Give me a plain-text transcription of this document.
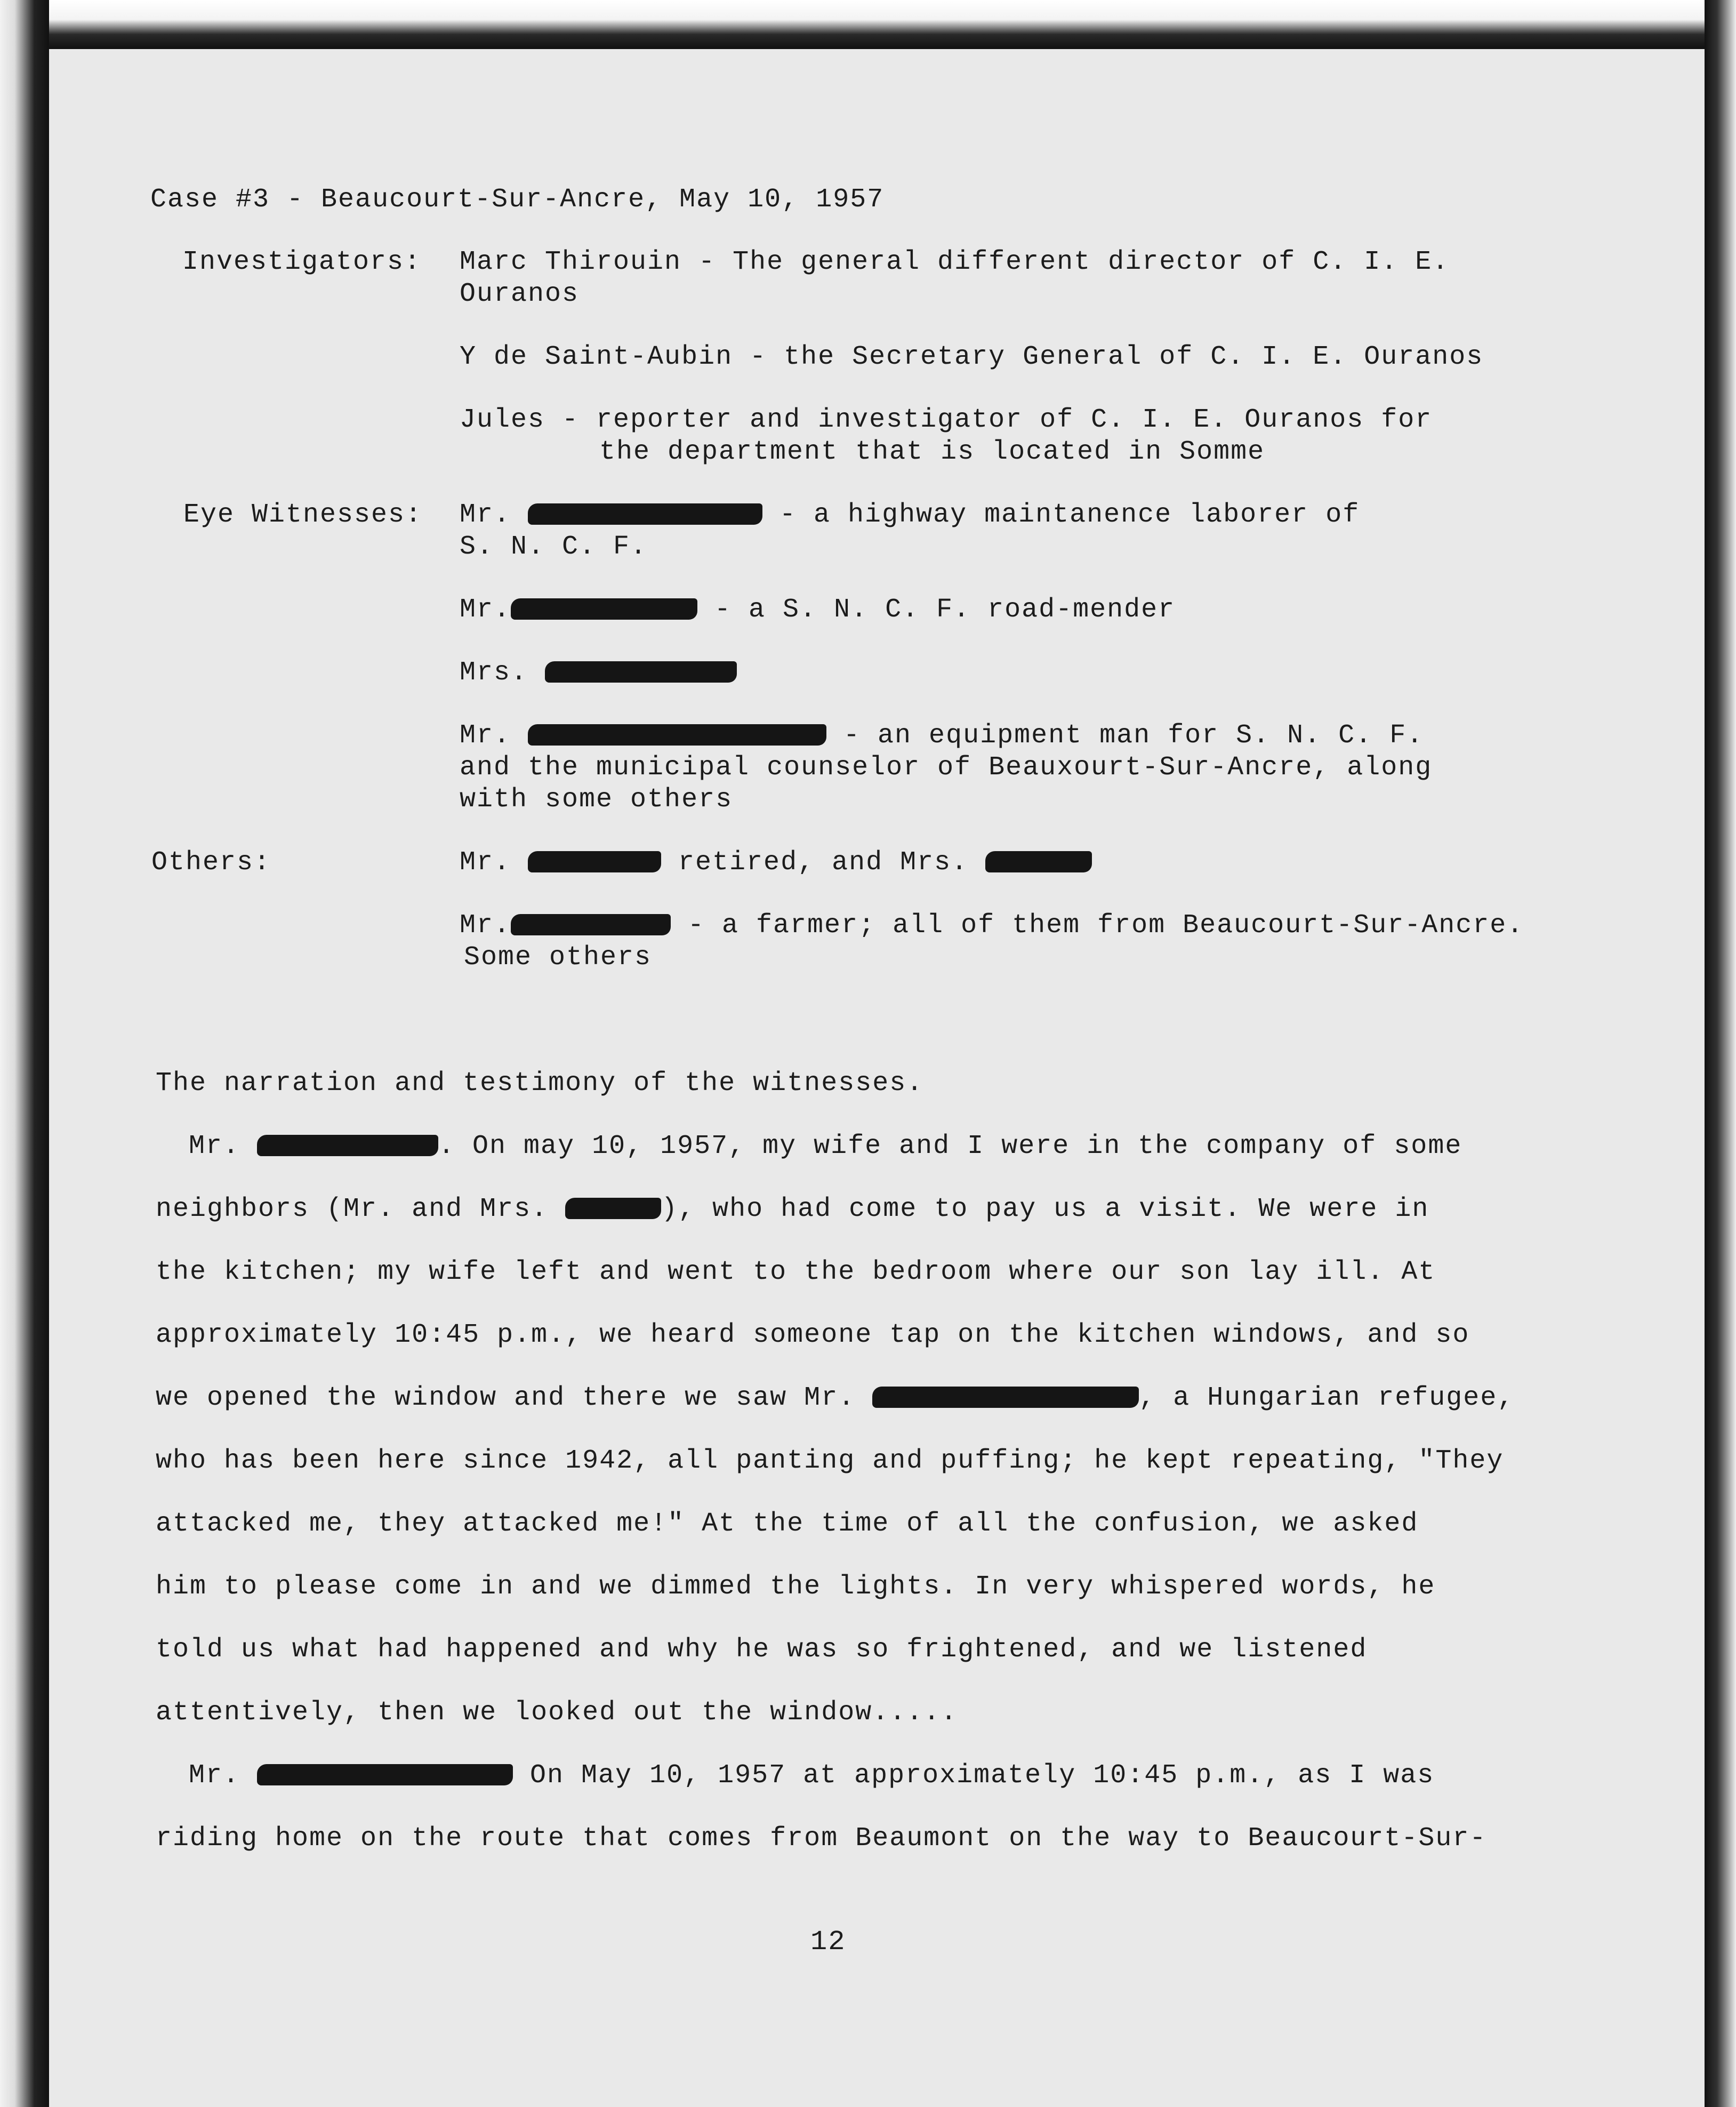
Case #3 - Beaucourt-Sur-Ancre, May 10, 1957

Investigators: Marc Thirouin - The general different director of C. I. E.

Ouranos

Y de Saint-Aubin - the Secretary General of C. I. E. Ouranos

Jules - reporter and investigator of C. I. E. Ouranos for

the department that is located in Somme

Eye Witnesses: Mr.	- a highway maintanence laborer of

S. N. C. F.

Mr.	- a S. N. C. F. road-mender

Mrs.

Mr.	- an equipment man for S. N. C. F.

and the municipal counselor of Beauxourt-Sur-Ancre, along

with some others

Others:	Mr.	retired, and Mrs.

Mr.	- a farmer; all of them from Beaucourt-Sur-Ancre.

Some others

The narration and testimony of the witnesses.

Mr.	. On may 10, 1957, my wife and I were in the company of some

neighbors (Mr. and Mrs.	), who had come to pay us a visit. We were in

the kitchen; my wife left and went to the bedroom where our son lay ill. At

approximately 10:45 p.m., we heard someone tap on the kitchen windows, and so

we opened the window and there we saw Mr.	, a Hungarian refugee,

who has been here since 1942, all panting and puffing; he kept repeating, "They

attacked me, they attacked me!" At the time of all the confusion, we asked

him to please come in and we dimmed the lights. In very whispered words, he

told us what had happened and why he was so frightened, and we listened

attentively, then we looked out the window.....

Mr.	On May 10, 1957 at approximately 10:45 p.m., as I was

riding home on the route that comes from Beaumont on the way to Beaucourt-Sur-

12
